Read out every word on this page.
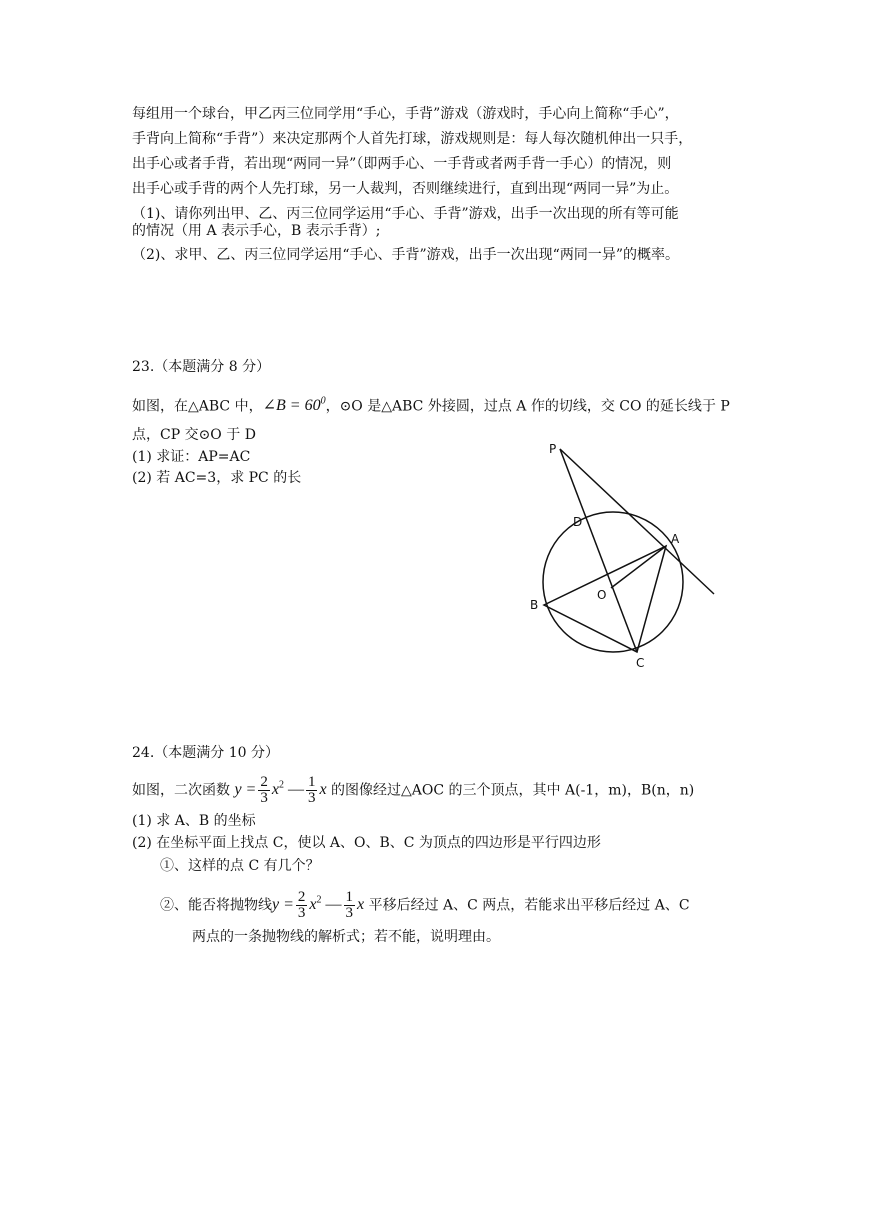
每组用一个球台，甲乙丙三位同学用“手心，手背”游戏（游戏时，手心向上简称“手心”，
手背向上简称“手背”）来决定那两个人首先打球，游戏规则是：每人每次随机伸出一只手，
出手心或者手背，若出现“两同一异”（即两手心、一手背或者两手背一手心）的情况，则
出手心或手背的两个人先打球，另一人裁判，否则继续进行，直到出现“两同一异”为止。
（1)、请你列出甲、乙、丙三位同学运用“手心、手背”游戏，出手一次出现的所有等可能
的情况（用 A 表示手心，B 表示手背）;
（2)、求甲、乙、丙三位同学运用“手心、手背”游戏，出手一次出现“两同一异”的概率。
23.（本题满分 8 分）
如图，在△ABC 中，∠B = $60^0$，⊙O 是△ABC 外接圆，过点 A 作的切线，交 CO 的延长线于 P
点，CP 交⊙O 于 D
(1) 求证：AP=AC
(2) 若 AC=3，求 PC 的长
P
D
A
O
B
C
24.（本题满分 10 分）
如图，二次函数 $y = \frac{2}{3} x^2$ — $\frac{1}{3}$ x 的图像经过△AOC 的三个顶点，其中 A(-1，m)，B(n，n)
(1) 求 A、B 的坐标
(2) 在坐标平面上找点 C，使以 A、O、B、C 为顶点的四边形是平行四边形
①、这样的点 C 有几个？
②、能否将抛物线$y = \frac{2}{3} x^2$ — $\frac{1}{3}$ x 平移后经过 A、C 两点，若能求出平移后经过 A、C
两点的一条抛物线的解析式；若不能，说明理由。
